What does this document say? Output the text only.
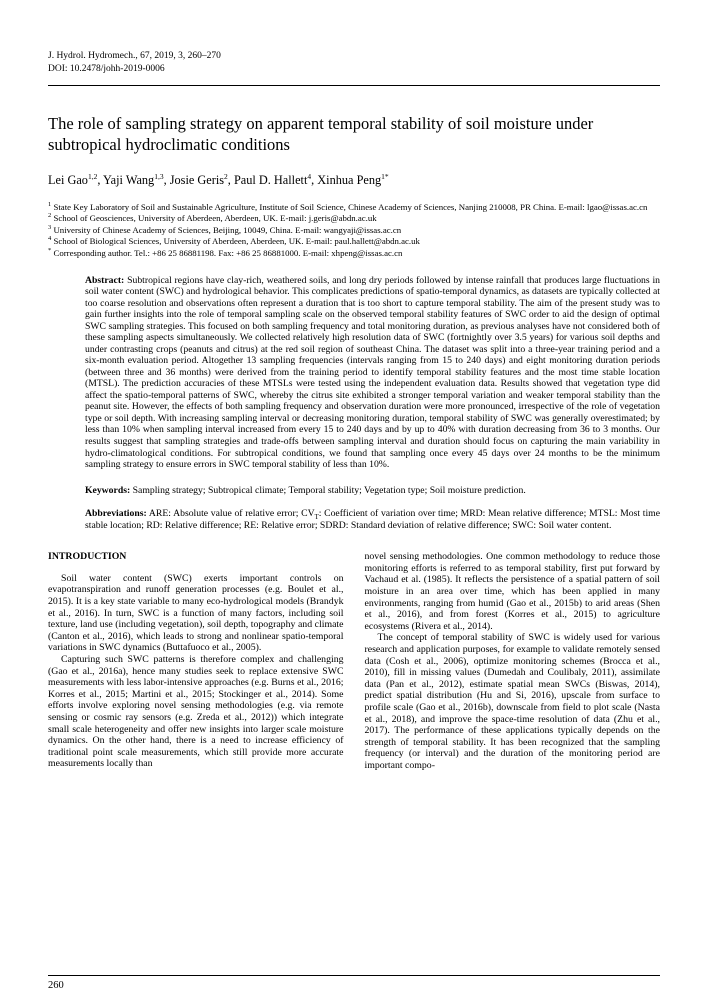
J. Hydrol. Hydromech., 67, 2019, 3, 260–270
DOI: 10.2478/johh-2019-0006
The role of sampling strategy on apparent temporal stability of soil moisture under subtropical hydroclimatic conditions

Lei Gao$^{1,2}$ , Yaji Wang$^{1,3}$ , Josie Geris$^2$ , Paul D. Hallett$^4$ , Xinhua Peng$^{1*}$

$^1$ State Key Laboratory of Soil and Sustainable Agriculture, Institute of Soil Science, Chinese Academy of Sciences, Nanjing 210008, PR China. E-mail: lgao@issas.ac.cn
$^2$ School of Geosciences, University of Aberdeen, Aberdeen, UK. E-mail: j.geris@abdn.ac.uk
$^3$ University of Chinese Academy of Sciences, Beijing, 10049, China. E-mail: wangyaji@issas.ac.cn
$^4$ School of Biological Sciences, University of Aberdeen, Aberdeen, UK. E-mail: paul.hallett@abdn.ac.uk
* Corresponding author. Tel.: +86 25 86881198. Fax: +86 25 86881000. E-mail: xhpeng@issas.ac.cn
Abstract: Subtropical regions have clay-rich, weathered soils, and long dry periods followed by intense rainfall that produces large fluctuations in soil water content (SWC) and hydrological behavior. This complicates predictions of spatio-temporal dynamics, as datasets are typically collected at too coarse resolution and observations often represent a duration that is too short to capture temporal stability. The aim of the present study was to gain further insights into the role of temporal sampling scale on the observed temporal stability features of SWC order to aid the design of optimal SWC sampling strategies. This focused on both sampling frequency and total monitoring duration, as previous analyses have not considered both of these sampling aspects simultaneously. We collected relatively high resolution data of SWC (fortnightly over 3.5 years) for various soil depths and under contrasting crops (peanuts and citrus) at the red soil region of southeast China. The dataset was split into a three-year training period and a six-month evaluation period. Altogether 13 sampling frequencies (intervals ranging from 15 to 240 days) and eight monitoring duration periods (between three and 36 months) were derived from the training period to identify temporal stability features and the most time stable location (MTSL). The prediction accuracies of these MTSLs were tested using the independent evaluation data. Results showed that vegetation type did affect the spatio-temporal patterns of SWC, whereby the citrus site exhibited a stronger temporal variation and weaker temporal stability than the peanut site. However, the effects of both sampling frequency and observation duration were more pronounced, irrespective of the role of vegetation type or soil depth. With increasing sampling interval or decreasing monitoring duration, temporal stability of SWC was generally overestimated; by less than 10% when sampling interval increased from every 15 to 240 days and by up to 40% with duration decreasing from 36 to 3 months. Our results suggest that sampling strategies and trade-offs between sampling interval and duration should focus on capturing the main variability in hydro-climatological conditions. For subtropical conditions, we found that sampling once every 45 days over 24 months to be the minimum sampling strategy to ensure errors in SWC temporal stability of less than 10%.
Keywords: Sampling strategy; Subtropical climate; Temporal stability; Vegetation type; Soil moisture prediction.
Abbreviations: ARE: Absolute value of relative error; $CV_T$: Coefficient of variation over time; MRD: Mean relative difference; MTSL: Most time stable location; RD: Relative difference; RE: Relative error; SDRD: Standard deviation of relative difference; SWC: Soil water content.
INTRODUCTION

Soil water content (SWC) exerts important controls on evapotranspiration and runoff generation processes (e.g. Boulet et al., 2015). It is a key state variable to many eco-hydrological models (Brandyk et al., 2016). In turn, SWC is a function of many factors, including soil texture, land use (including vegetation), soil depth, topography and climate (Canton et al., 2016), which leads to strong and nonlinear spatio-temporal variations in SWC dynamics (Buttafuoco et al., 2005).

Capturing such SWC patterns is therefore complex and challenging (Gao et al., 2016a), hence many studies seek to replace extensive SWC measurements with less labor-intensive approaches (e.g. Burns et al., 2016; Korres et al., 2015; Martini et al., 2015; Stockinger et al., 2014). Some efforts involve exploring novel sensing methodologies (e.g. via remote sensing or cosmic ray sensors (e.g. Zreda et al., 2012)) which integrate small scale heterogeneity and offer new insights into larger scale moisture dynamics. On the other hand, there is a need to increase efficiency of traditional point scale measurements, which still provide more accurate measurements locally than

novel sensing methodologies. One common methodology to reduce those monitoring efforts is referred to as temporal stability, first put forward by Vachaud et al. (1985). It reflects the persistence of a spatial pattern of soil moisture in an area over time, which has been applied in many environments, ranging from humid (Gao et al., 2015b) to arid areas (Shen et al., 2016), and from forest (Korres et al., 2015) to agriculture ecosystems (Rivera et al., 2014).

The concept of temporal stability of SWC is widely used for various research and application purposes, for example to validate remotely sensed data (Cosh et al., 2006), optimize monitoring schemes (Brocca et al., 2010), fill in missing values (Dumedah and Coulibaly, 2011), assimilate data (Pan et al., 2012), estimate spatial mean SWCs (Biswas, 2014), predict spatial distribution (Hu and Si, 2016), upscale from surface to profile scale (Gao et al., 2016b), downscale from field to plot scale (Nasta et al., 2018), and improve the space-time resolution of data (Zhu et al., 2017). The performance of these applications typically depends on the strength of temporal stability. It has been recognized that the sampling frequency (or interval) and the duration of the monitoring period are important compo-

260
